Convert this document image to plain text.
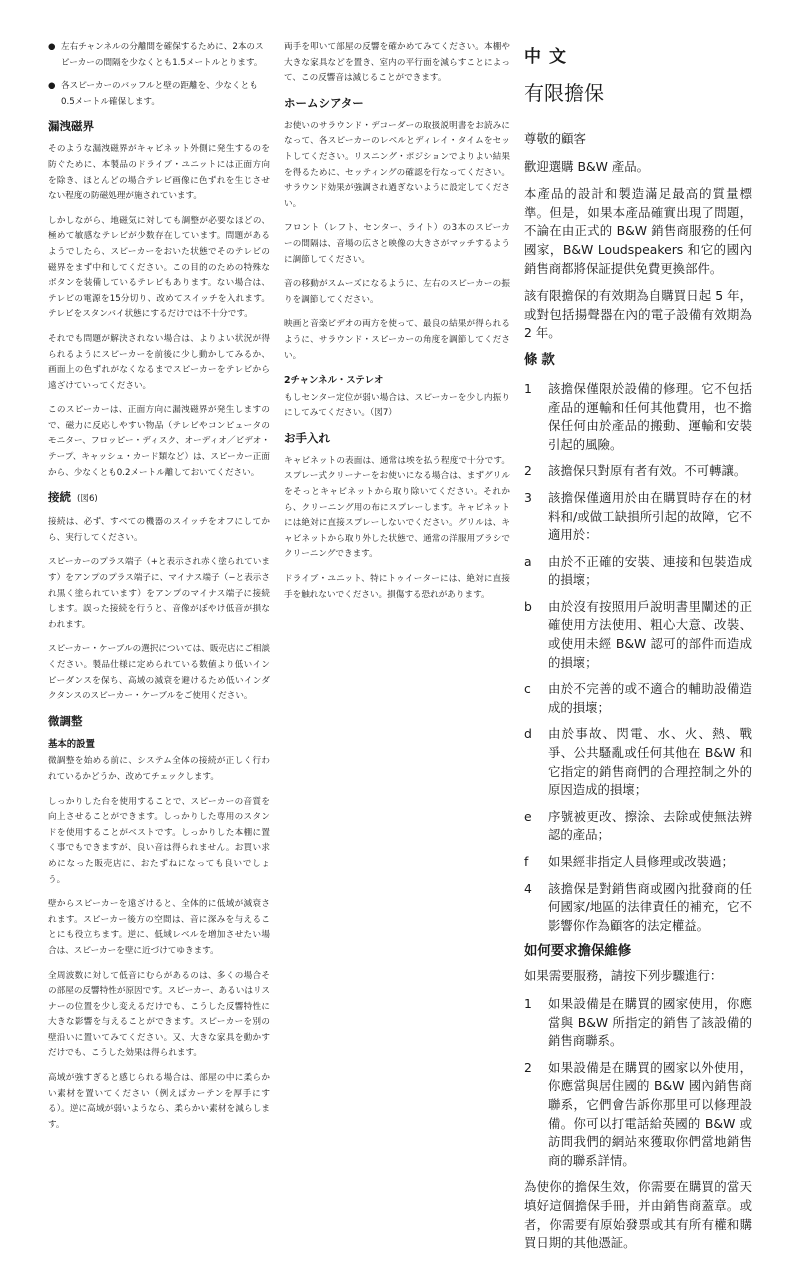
● 左右チャンネルの分離間を確保するために、2本のスピーカーの間隔を少なくとも1.5メートルとります。
● 各スピーカーのバッフルと壁の距離を、少なくとも0.5メートル確保します。
漏洩磁界

そのような漏洩磁界がキャビネット外側に発生するのを防ぐために、本製品のドライブ・ユニットには正面方向を除き、ほとんどの場合テレビ画像に色ずれを生じさせない程度の防磁処理が施されています。

しかしながら、地磁気に対しても調整が必要なほどの、極めて敏感なテレビが少数存在しています。問題があるようでしたら、スピーカーをおいた状態でそのテレビの磁界をまず中和してください。この目的のための特殊なボタンを装備しているテレビもあります。ない場合は、テレビの電源を15分切り、改めてスイッチを入れます。テレビをスタンバイ状態にするだけでは不十分です。

それでも問題が解決されない場合は、よりよい状況が得られるようにスピーカーを前後に少し動かしてみるか、画面上の色ずれがなくなるまでスピーカーをテレビから遠ざけていってください。

このスピーカーは、正面方向に漏洩磁界が発生しますので、磁力に反応しやすい物品（テレビやコンピュータのモニター、フロッピー・ディスク、オーディオ／ビデオ・テープ、キャッシュ・カード類など）は、スピーカー正面から、少なくとも0.2メートル離しておいてください。

接続 (図6)

接続は、必ず、すべての機器のスイッチをオフにしてから、実行してください。

スピーカーのプラス端子（+と表示され赤く塗られています）をアンプのプラス端子に、マイナス端子（−と表示され黒く塗られています）をアンプのマイナス端子に接続します。誤った接続を行うと、音像がぼやけ低音が損なわれます。

スピーカー・ケーブルの選択については、販売店にご相談ください。製品仕様に定められている数値より低いインピーダンスを保ち、高域の減衰を避けるため低いインダクタンスのスピーカー・ケーブルをご使用ください。

微調整
基本的設置

微調整を始める前に、システム全体の接続が正しく行われているかどうか、改めてチェックします。

しっかりした台を使用することで、スピーカーの音質を向上させることができます。しっかりした専用のスタンドを使用することがベストです。しっかりした本棚に置く事でもできますが、良い音は得られません。お買い求めになった販売店に、おたずねになっても良いでしょう。

壁からスピーカーを遠ざけると、全体的に低域が減衰されます。スピーカー後方の空間は、音に深みを与えることにも役立ちます。逆に、低域レベルを増加させたい場合は、スピーカーを壁に近づけてゆきます。

全周波数に対して低音にむらがあるのは、多くの場合その部屋の反響特性が原因です。スピーカー、あるいはリスナーの位置を少し変えるだけでも、こうした反響特性に大きな影響を与えることができます。スピーカーを別の壁沿いに置いてみてください。又、大きな家具を動かすだけでも、こうした効果は得られます。

高域が強すぎると感じられる場合は、部屋の中に柔らかい素材を置いてください（例えばカーテンを厚手にする）。逆に高域が弱いようなら、柔らかい素材を減らします。

両手を叩いて部屋の反響を確かめてみてください。本棚や大きな家具などを置き、室内の平行面を減らすことによって、この反響音は減じることができます。

ホームシアター

お使いのサラウンド・デコーダーの取扱説明書をお読みになって、各スピーカーのレベルとディレイ・タイムをセットしてください。リスニング・ポジションでよりよい結果を得るために、セッティングの確認を行なってください。サラウンド効果が強調され過ぎないように設定してください。

フロント（レフト、センター、ライト）の3本のスピーカーの間隔は、音場の広さと映像の大きさがマッチするように調節してください。

音の移動がスムーズになるように、左右のスピーカーの振りを調節してください。

映画と音楽ビデオの両方を使って、最良の結果が得られるように、サラウンド・スピーカーの角度を調節してください。

2チャンネル・ステレオ

もしセンター定位が弱い場合は、スピーカーを少し内振りにしてみてください。（図7）

お手入れ

キャビネットの表面は、通常は埃を払う程度で十分です。スプレー式クリーナーをお使いになる場合は、まずグリルをそっとキャビネットから取り除いてください。それから、クリーニング用の布にスプレーします。キャビネットには絶対に直接スプレーしないでください。グリルは、キャビネットから取り外した状態で、通常の洋服用ブラシでクリーニングできます。

ドライブ・ユニット、特にトゥイーターには、絶対に直接手を触れないでください。損傷する恐れがあります。

中文
有限擔保

尊敬的顧客

歡迎選購 B&W 產品。

本產品的設計和製造滿足最高的質量標準。但是，如果本產品確實出現了問題，不論在由正式的 B&W 銷售商服務的任何國家，B&W Loudspeakers 和它的國內銷售商都將保証提供免費更換部件。

該有限擔保的有效期為自購買日起 5 年，或對包括揚聲器在內的電子設備有效期為 2 年。

條款
1 該擔保僅限於設備的修理。它不包括產品的運輸和任何其他費用，也不擔保任何由於產品的搬動、運輸和安裝引起的風險。
2 該擔保只對原有者有效。不可轉讓。
3 該擔保僅適用於由在購買時存在的材料和/或做工缺損所引起的故障，它不適用於：
a 由於不正確的安裝、連接和包裝造成的損壞；
b 由於沒有按照用戶說明書里闡述的正確使用方法使用、粗心大意、改裝、或使用未經 B&W 認可的部件而造成的損壞；
c 由於不完善的或不適合的輔助設備造成的損壞；
d 由於事故、閃電、水、火、熱、戰爭、公共騷亂或任何其他在 B&W 和它指定的銷售商們的合理控制之外的原因造成的損壞；
e 序號被更改、擦涂、去除或使無法辨認的產品；
f 如果經非指定人員修理或改裝過；
4 該擔保是對銷售商或國內批發商的任何國家/地區的法律責任的補充，它不影響你作為顧客的法定權益。
如何要求擔保維修

如果需要服務，請按下列步驟進行：

1 如果設備是在購買的國家使用，你應當與 B&W 所指定的銷售了該設備的銷售商聯系。
2 如果設備是在購買的國家以外使用，你應當與居住國的 B&W 國內銷售商聯系，它們會告訴你那里可以修理設備。你可以打電話給英國的 B&W 或訪問我們的網站來獲取你們當地銷售商的聯系詳情。

為使你的擔保生效，你需要在購買的當天填好這個擔保手冊，并由銷售商蓋章。或者，你需要有原始發票或其有所有權和購買日期的其他憑証。
